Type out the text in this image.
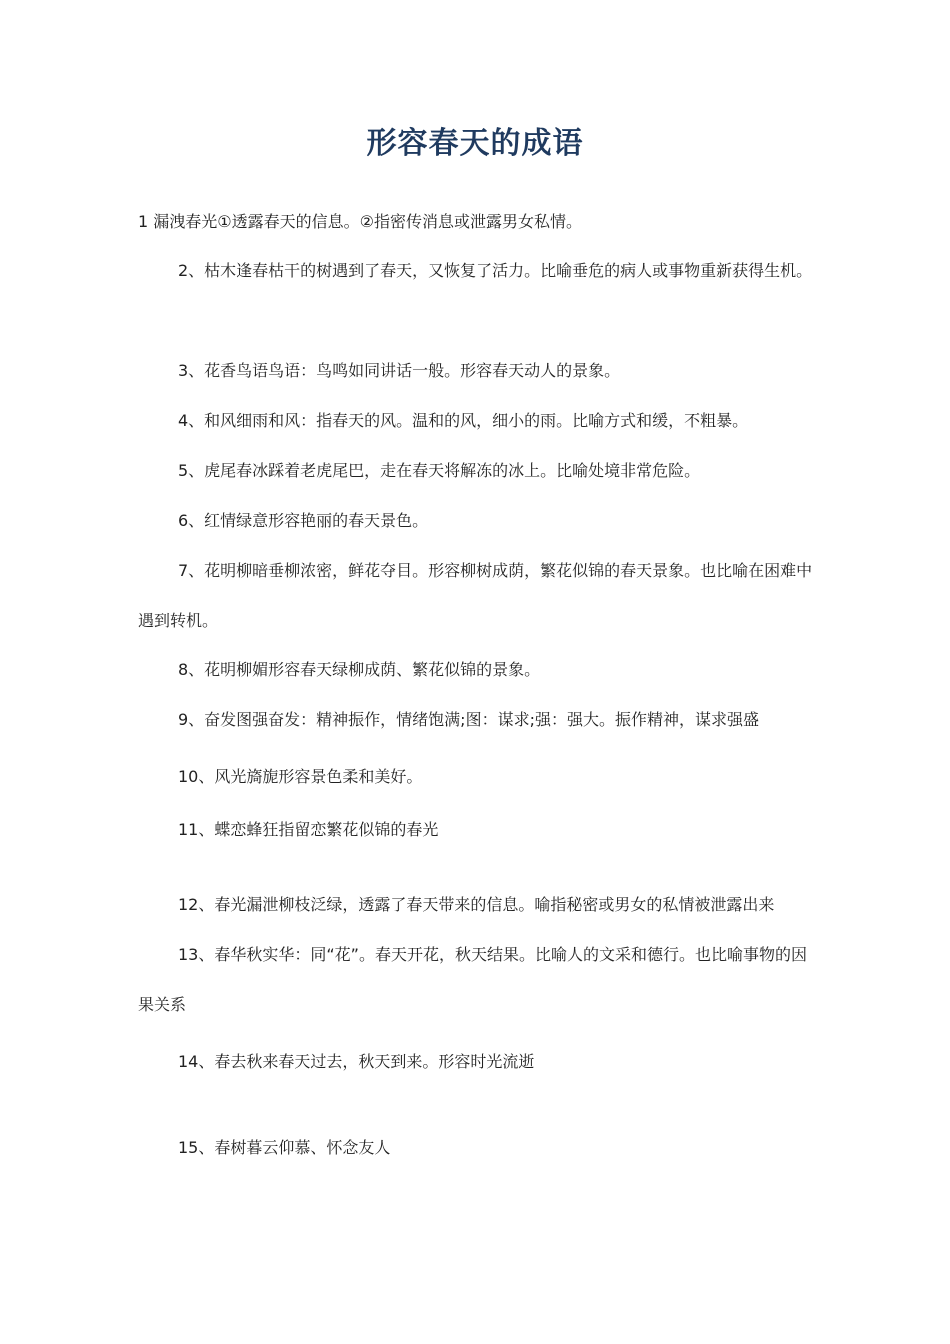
形容春天的成语
1 漏洩春光①透露春天的信息。②指密传消息或泄露男女私情。
2、枯木逢春枯干的树遇到了春天，又恢复了活力。比喻垂危的病人或事物重新获得生机。
3、花香鸟语鸟语：鸟鸣如同讲话一般。形容春天动人的景象。
4、和风细雨和风：指春天的风。温和的风，细小的雨。比喻方式和缓，不粗暴。
5、虎尾春冰踩着老虎尾巴，走在春天将解冻的冰上。比喻处境非常危险。
6、红情绿意形容艳丽的春天景色。
7、花明柳暗垂柳浓密，鲜花夺目。形容柳树成荫，繁花似锦的春天景象。也比喻在困难中遇到转机。
8、花明柳媚形容春天绿柳成荫、繁花似锦的景象。
9、奋发图强奋发：精神振作，情绪饱满;图：谋求;强：强大。振作精神，谋求强盛
10、风光旖旎形容景色柔和美好。
11、蝶恋蜂狂指留恋繁花似锦的春光
12、春光漏泄柳枝泛绿，透露了春天带来的信息。喻指秘密或男女的私情被泄露出来
13、春华秋实华：同“花”。春天开花，秋天结果。比喻人的文采和德行。也比喻事物的因果关系
14、春去秋来春天过去，秋天到来。形容时光流逝
15、春树暮云仰慕、怀念友人
